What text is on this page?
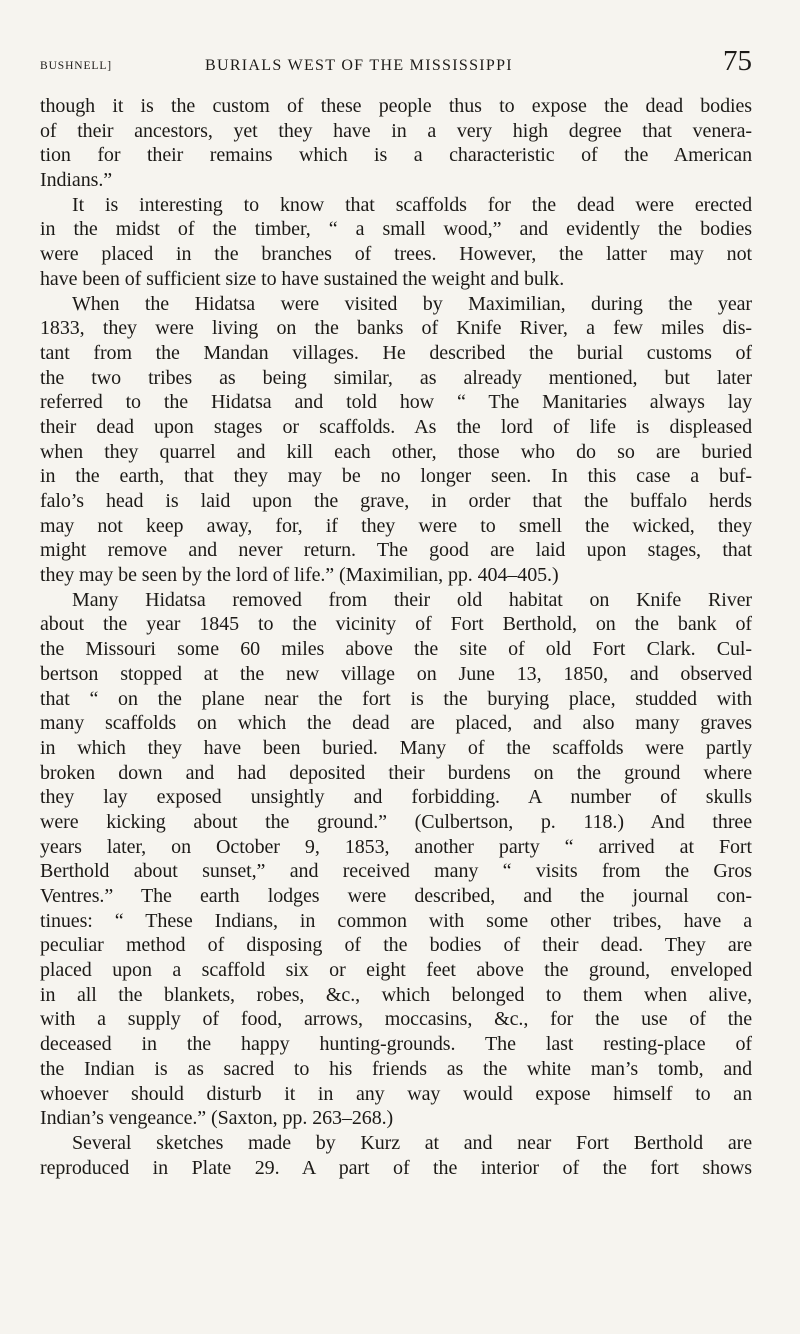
BUSHNELL]	BURIALS WEST OF THE MISSISSIPPI	75
though it is the custom of these people thus to expose the dead bodies
of their ancestors, yet they have in a very high degree that venera-
tion for their remains which is a characteristic of the American
Indians.”
It is interesting to know that scaffolds for the dead were erected
in the midst of the timber, “ a small wood,” and evidently the bodies
were placed in the branches of trees. However, the latter may not
have been of sufficient size to have sustained the weight and bulk.
When the Hidatsa were visited by Maximilian, during the year
1833, they were living on the banks of Knife River, a few miles dis-
tant from the Mandan villages. He described the burial customs of
the two tribes as being similar, as already mentioned, but later
referred to the Hidatsa and told how “ The Manitaries always lay
their dead upon stages or scaffolds. As the lord of life is displeased
when they quarrel and kill each other, those who do so are buried
in the earth, that they may be no longer seen. In this case a buf-
falo’s head is laid upon the grave, in order that the buffalo herds
may not keep away, for, if they were to smell the wicked, they
might remove and never return. The good are laid upon stages, that
they may be seen by the lord of life.” (Maximilian, pp. 404–405.)
Many Hidatsa removed from their old habitat on Knife River
about the year 1845 to the vicinity of Fort Berthold, on the bank of
the Missouri some 60 miles above the site of old Fort Clark. Cul-
bertson stopped at the new village on June 13, 1850, and observed
that “ on the plane near the fort is the burying place, studded with
many scaffolds on which the dead are placed, and also many graves
in which they have been buried. Many of the scaffolds were partly
broken down and had deposited their burdens on the ground where
they lay exposed unsightly and forbidding. A number of skulls
were kicking about the ground.” (Culbertson, p. 118.) And three
years later, on October 9, 1853, another party “ arrived at Fort
Berthold about sunset,” and received many “ visits from the Gros
Ventres.” The earth lodges were described, and the journal con-
tinues: “ These Indians, in common with some other tribes, have a
peculiar method of disposing of the bodies of their dead. They are
placed upon a scaffold six or eight feet above the ground, enveloped
in all the blankets, robes, &c., which belonged to them when alive,
with a supply of food, arrows, moccasins, &c., for the use of the
deceased in the happy hunting-grounds. The last resting-place of
the Indian is as sacred to his friends as the white man’s tomb, and
whoever should disturb it in any way would expose himself to an
Indian’s vengeance.” (Saxton, pp. 263–268.)
Several sketches made by Kurz at and near Fort Berthold are
reproduced in Plate 29. A part of the interior of the fort shows
